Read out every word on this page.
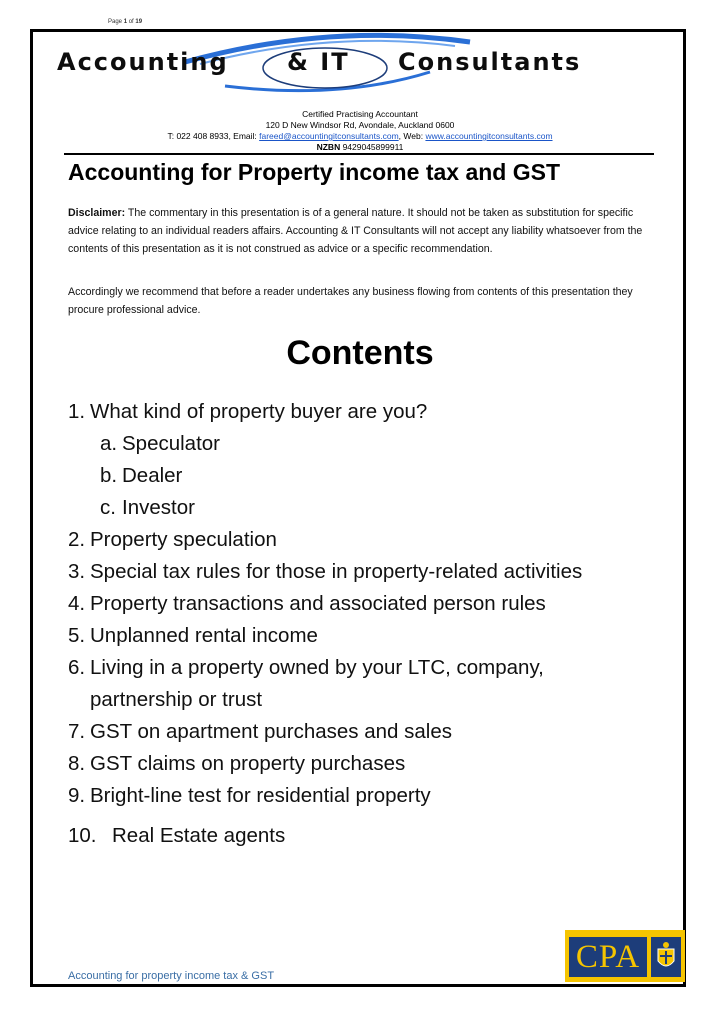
Page 1 of 19
Accounting & IT Consultants
Certified Practising Accountant
120 D New Windsor Rd, Avondale, Auckland 0600
T: 022 408 8933, Email: fareed@accountingitconsultants.com, Web: www.accountingitconsultants.com
NZBN 9429045899911
Accounting for Property income tax and GST
Disclaimer: The commentary in this presentation is of a general nature. It should not be taken as substitution for specific advice relating to an individual readers affairs. Accounting & IT Consultants will not accept any liability whatsoever from the contents of this presentation as it is not construed as advice or a specific recommendation.
Accordingly we recommend that before a reader undertakes any business flowing from contents of this presentation they procure professional advice.
Contents
1. What kind of property buyer are you?
a. Speculator
b. Dealer
c. Investor
2. Property speculation
3. Special tax rules for those in property-related activities
4. Property transactions and associated person rules
5. Unplanned rental income
6. Living in a property owned by your LTC, company,
partnership or trust
7. GST on apartment purchases and sales
8. GST claims on property purchases
9. Bright-line test for residential property
10. Real Estate agents
Accounting for property income tax & GST
CPA
